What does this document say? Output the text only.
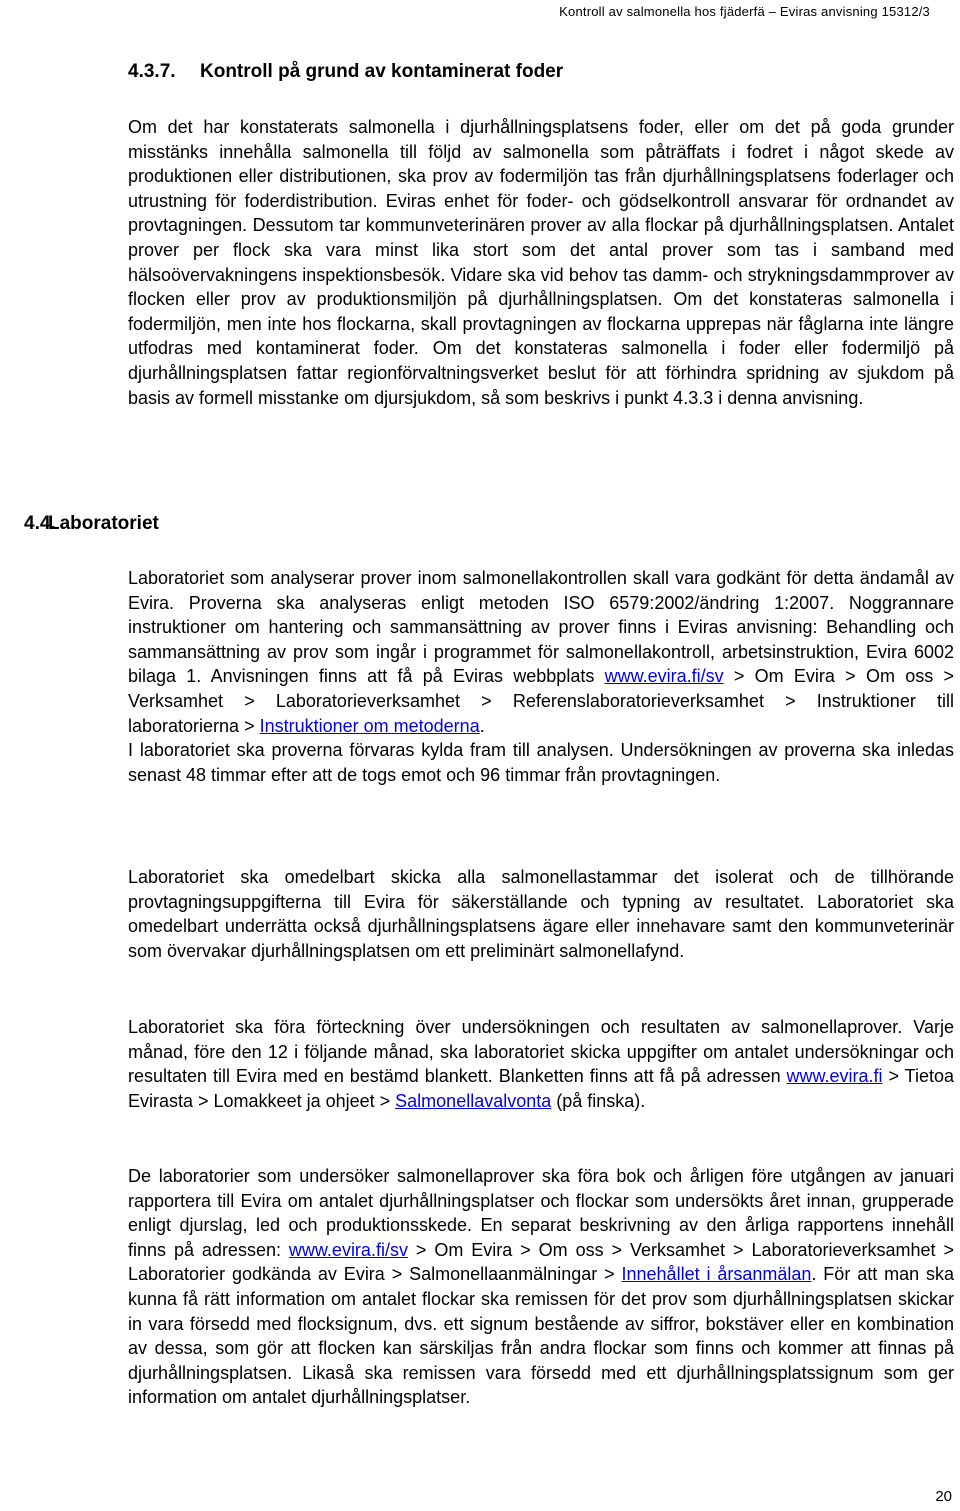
Kontroll av salmonella hos fjäderfä – Eviras anvisning 15312/3
4.3.7. Kontroll på grund av kontaminerat foder

Om det har konstaterats salmonella i djurhållningsplatsens foder, eller om det på goda grunder misstänks innehålla salmonella till följd av salmonella som påträffats i fodret i något skede av produktionen eller distributionen, ska prov av fodermiljön tas från djurhållningsplatsens foderlager och utrustning för foderdistribution. Eviras enhet för foder- och gödselkontroll ansvarar för ordnandet av provtagningen. Dessutom tar kommunveterinären prover av alla flockar på djurhållningsplatsen. Antalet prover per flock ska vara minst lika stort som det antal prover som tas i samband med hälsoövervakningens inspektionsbesök. Vidare ska vid behov tas damm- och strykningsdammprover av flocken eller prov av produktionsmiljön på djurhållningsplatsen. Om det konstateras salmonella i fodermiljön, men inte hos flockarna, skall provtagningen av flockarna upprepas när fåglarna inte längre utfodras med kontaminerat foder. Om det konstateras salmonella i foder eller fodermiljö på djurhållningsplatsen fattar regionförvaltningsverket beslut för att förhindra spridning av sjukdom på basis av formell misstanke om djursjukdom, så som beskrivs i punkt 4.3.3 i denna anvisning.

4.4.Laboratoriet

Laboratoriet som analyserar prover inom salmonellakontrollen skall vara godkänt för detta ändamål av Evira. Proverna ska analyseras enligt metoden ISO 6579:2002/ändring 1:2007. Noggrannare instruktioner om hantering och sammansättning av prover finns i Eviras anvisning: Behandling och sammansättning av prov som ingår i programmet för salmonellakontroll, arbetsinstruktion, Evira 6002 bilaga 1. Anvisningen finns att få på Eviras webbplats www.evira.fi/sv > Om Evira > Om oss > Verksamhet > Laboratorieverksamhet > Referenslaboratorieverksamhet > Instruktioner till laboratorierna > Instruktioner om metoderna.
I laboratoriet ska proverna förvaras kylda fram till analysen. Undersökningen av proverna ska inledas senast 48 timmar efter att de togs emot och 96 timmar från provtagningen.

Laboratoriet ska omedelbart skicka alla salmonellastammar det isolerat och de tillhörande provtagningsuppgifterna till Evira för säkerställande och typning av resultatet. Laboratoriet ska omedelbart underrätta också djurhållningsplatsens ägare eller innehavare samt den kommunveterinär som övervakar djurhållningsplatsen om ett preliminärt salmonellafynd.

Laboratoriet ska föra förteckning över undersökningen och resultaten av salmonellaprover. Varje månad, före den 12 i följande månad, ska laboratoriet skicka uppgifter om antalet undersökningar och resultaten till Evira med en bestämd blankett. Blanketten finns att få på adressen www.evira.fi > Tietoa Evirasta > Lomakkeet ja ohjeet > Salmonellavalvonta (på finska).

De laboratorier som undersöker salmonellaprover ska föra bok och årligen före utgången av januari rapportera till Evira om antalet djurhållningsplatser och flockar som undersökts året innan, grupperade enligt djurslag, led och produktionsskede. En separat beskrivning av den årliga rapportens innehåll finns på adressen: www.evira.fi/sv > Om Evira > Om oss > Verksamhet > Laboratorieverksamhet > Laboratorier godkända av Evira > Salmonellaanmälningar > Innehållet i årsanmälan. För att man ska kunna få rätt information om antalet flockar ska remissen för det prov som djurhållningsplatsen skickar in vara försedd med flocksignum, dvs. ett signum bestående av siffror, bokstäver eller en kombination av dessa, som gör att flocken kan särskiljas från andra flockar som finns och kommer att finnas på djurhållningsplatsen. Likaså ska remissen vara försedd med ett djurhållningsplatssignum som ger information om antalet djurhållningsplatser.

20
